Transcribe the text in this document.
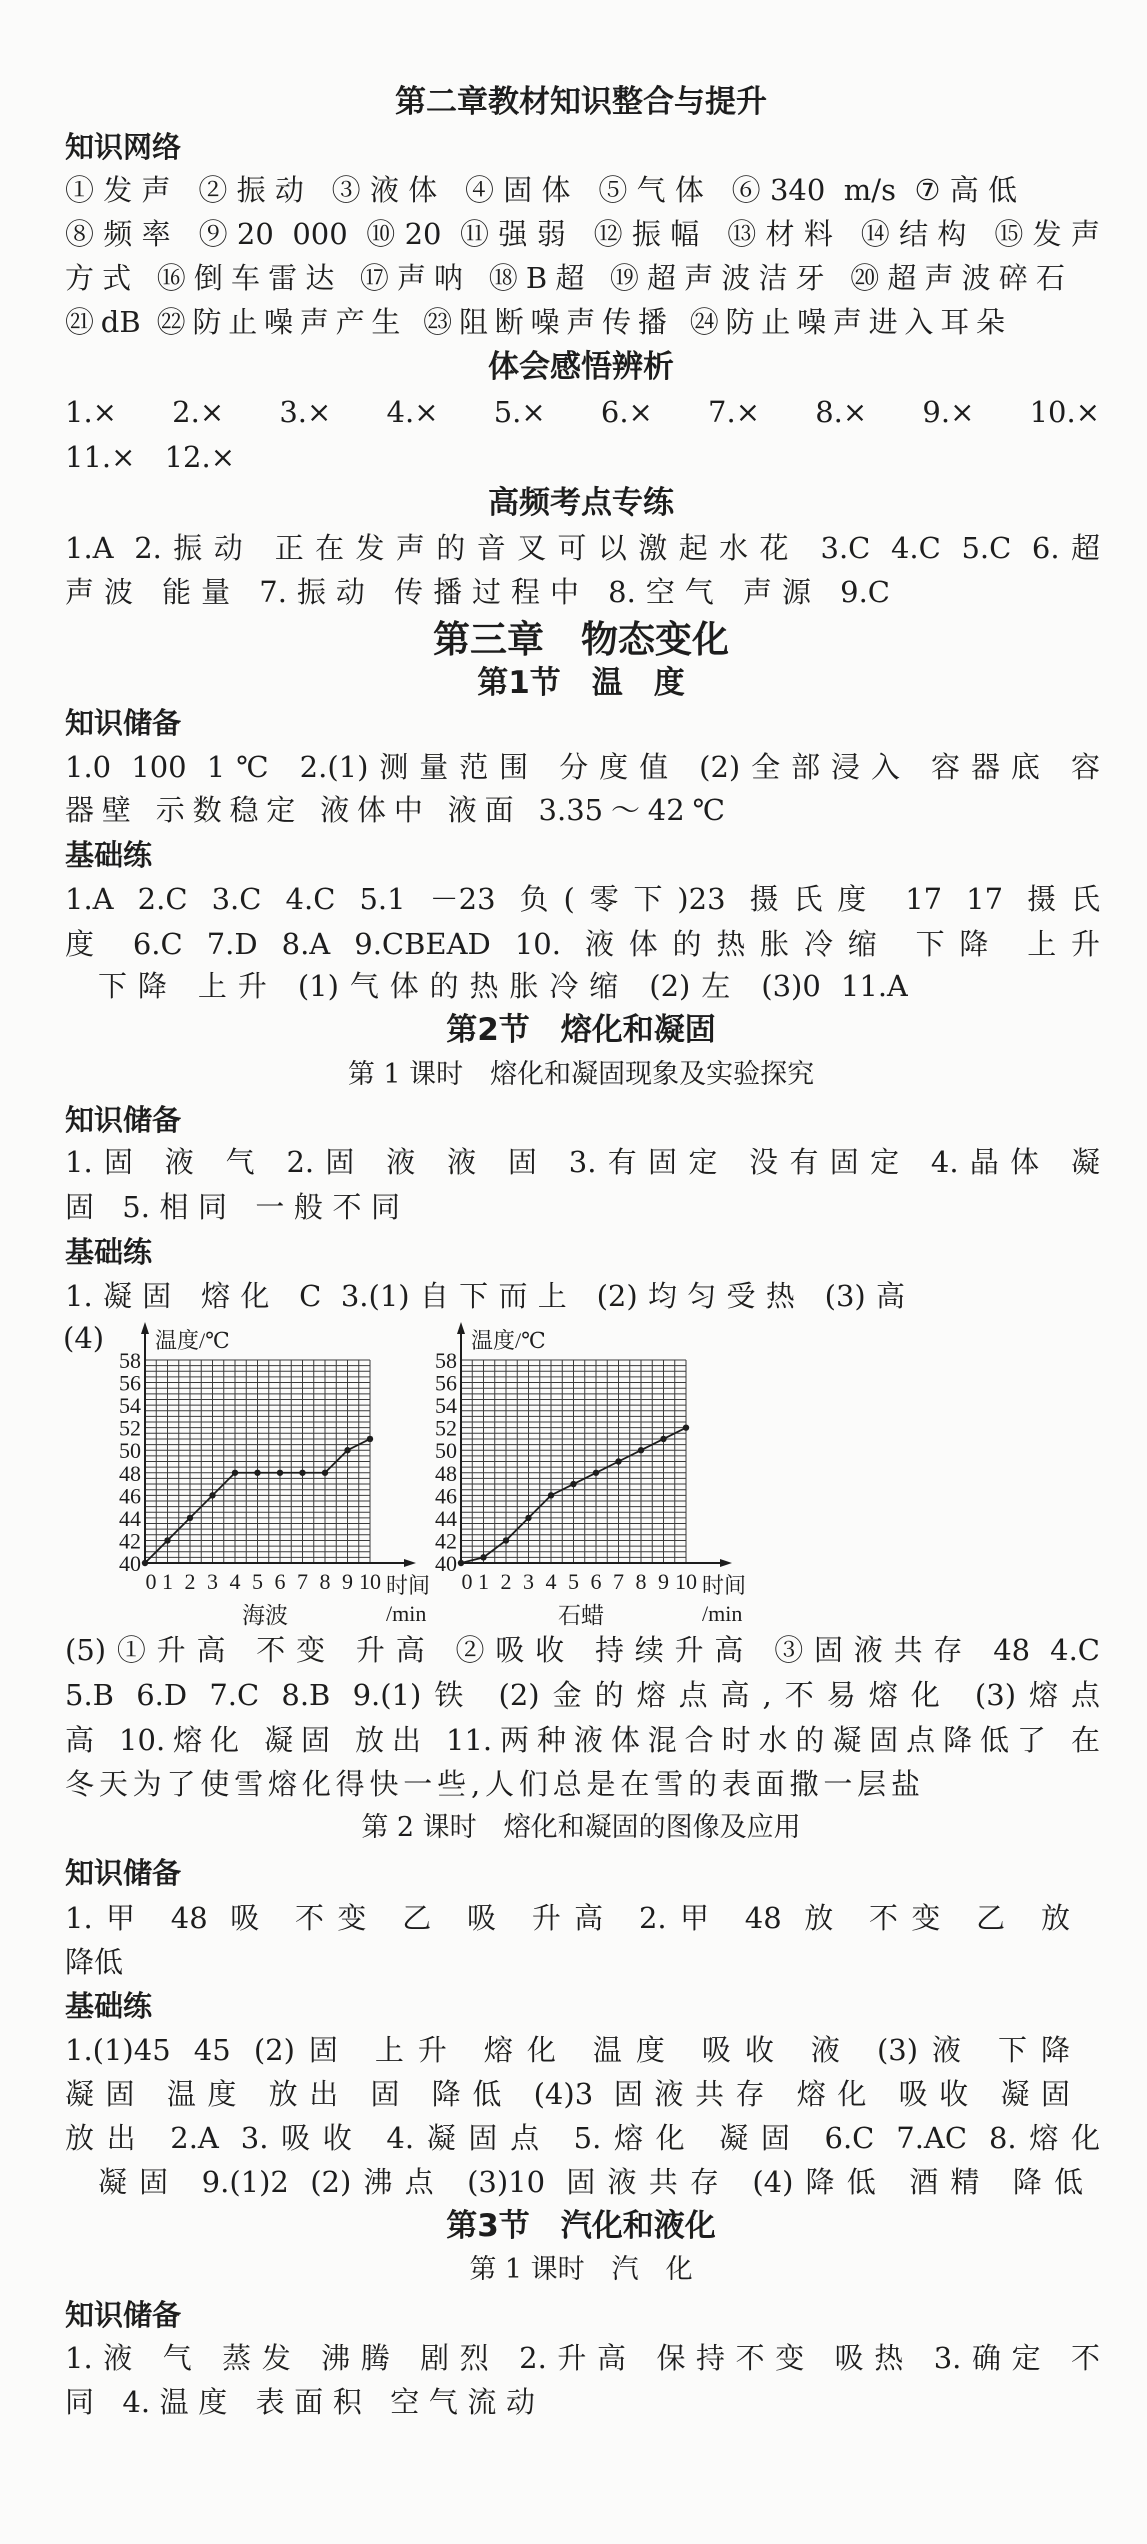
第二章教材知识整合与提升
知识网络
①发声 ②振动 ③液体 ④固体 ⑤气体 ⑥340 m/s ⑦高低
⑧频率 ⑨20 000 ⑩20 ⑪强弱 ⑫振幅 ⑬材料 ⑭结构 ⑮发声
方式 ⑯倒车雷达 ⑰声呐 ⑱B超 ⑲超声波洁牙 ⑳超声波碎石
㉑dB ㉒防止噪声产生 ㉓阻断噪声传播 ㉔防止噪声进入耳朵
体会感悟辨析
1.× 2.× 3.× 4.× 5.× 6.× 7.× 8.× 9.× 10.×
11.× 12.×
高频考点专练
1.A 2.振动 正在发声的音叉可以激起水花 3.C 4.C 5.C 6.超
声波 能量 7.振动 传播过程中 8.空气 声源 9.C
第三章　物态变化
第1节　温　度
知识储备
1.0 100 1℃ 2.(1)测量范围 分度值 (2)全部浸入 容器底 容
器壁 示数稳定 液体中 液面 3.35～42℃
基础练
1.A 2.C 3.C 4.C 5.1 －23 负(零下)23 摄氏度 17 17 摄氏
度 6.C 7.D 8.A 9.CBEAD 10. 液体的热胀冷缩 下降 上升
下降 上升 (1)气体的热胀冷缩 (2)左 (3)0 11.A
第2节　熔化和凝固
第 1 课时　熔化和凝固现象及实验探究
知识储备
1.固 液 气 2.固 液 液 固 3.有固定 没有固定 4.晶体 凝
固 5.相同 一般不同
基础练
1.凝固 熔化 C 3.(1)自下而上 (2)均匀受热 (3)高
(4)
40
42
44
46
48
50
52
54
56
58
0 1 2 3 4 5 6 7 8 9 10
温度/℃
海波
40
42
44
46
48
50
52
54
56
58
0 1 2 3 4 5 6 7 8 9 10
温度/℃
石蜡
时间/min
时间/min
(5)①升高 不变 升高 ②吸收 持续升高 ③固液共存 48 4.C
5.B 6.D 7.C 8.B 9.(1)铁 (2)金的熔点高,不易熔化 (3)熔点
高 10.熔化 凝固 放出 11.两种液体混合时水的凝固点降低了 在
冬天为了使雪熔化得快一些,人们总是在雪的表面撒一层盐
第 2 课时　熔化和凝固的图像及应用
知识储备
1.甲 48 吸 不变 乙 吸 升高 2.甲 48 放 不变 乙 放
降低
基础练
1.(1)45 45 (2)固 上升 熔化 温度 吸收 液 (3)液 下降
凝固 温度 放出 固 降低 (4)3 固液共存 熔化 吸收 凝固
放出 2.A 3.吸收 4.凝固点 5.熔化 凝固 6.C 7.AC 8.熔化
凝固 9.(1)2 (2)沸点 (3)10 固液共存 (4)降低 酒精 降低
第3节　汽化和液化
第 1 课时　汽　化
知识储备
1.液 气 蒸发 沸腾 剧烈 2.升高 保持不变 吸热 3.确定 不
同 4.温度 表面积 空气流动
